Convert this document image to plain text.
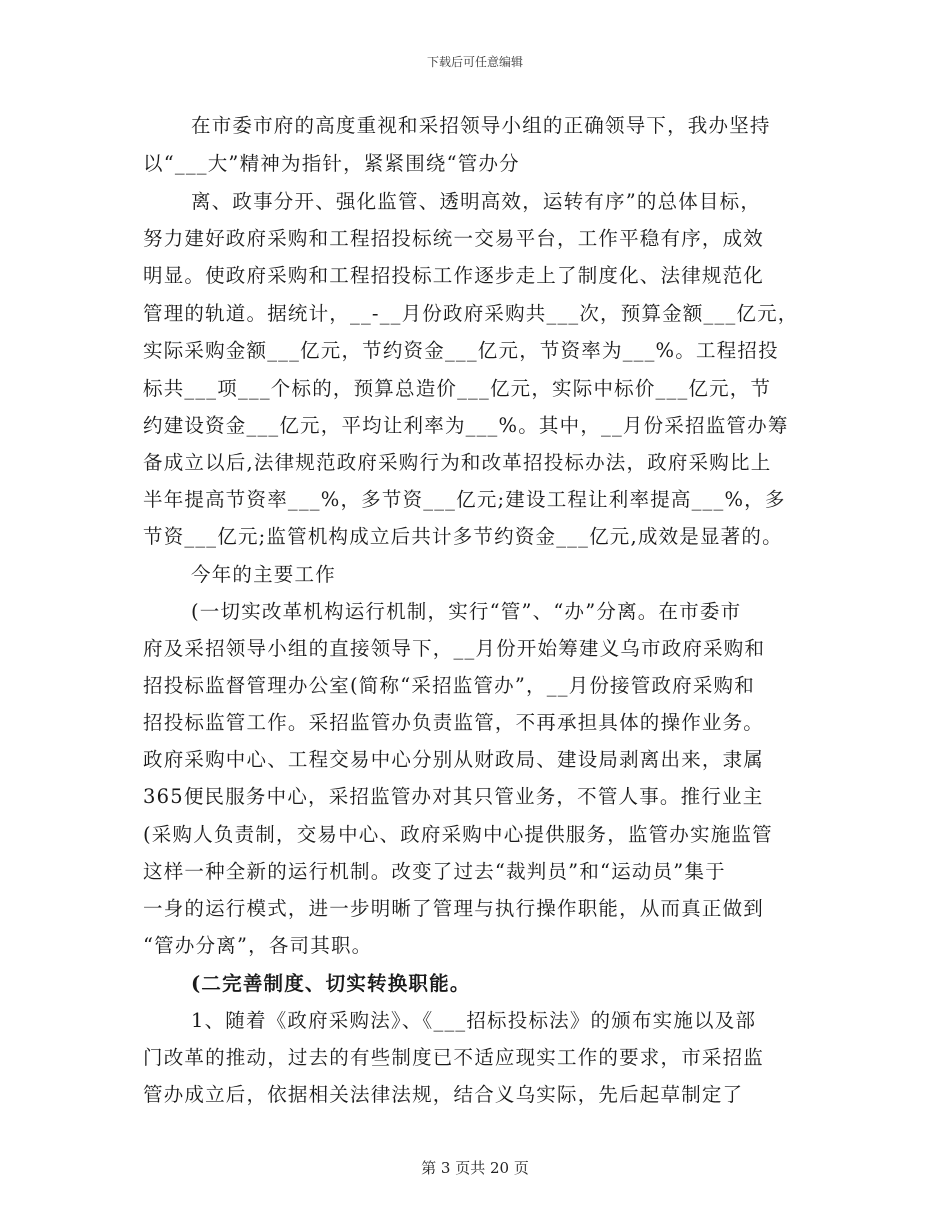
下载后可任意编辑
在市委市府的高度重视和采招领导小组的正确领导下，我办坚持
以“___大”精神为指针，紧紧围绕“管办分
离、政事分开、强化监管、透明高效，运转有序”的总体目标，
努力建好政府采购和工程招投标统一交易平台，工作平稳有序，成效
明显。使政府采购和工程招投标工作逐步走上了制度化、法律规范化
管理的轨道。据统计，__-__月份政府采购共___次，预算金额___亿元，
实际采购金额___亿元，节约资金___亿元，节资率为___%。工程招投
标共___项___个标的，预算总造价___亿元，实际中标价___亿元，节
约建设资金___亿元，平均让利率为___%。其中，__月份采招监管办筹
备成立以后,法律规范政府采购行为和改革招投标办法，政府采购比上
半年提高节资率___%，多节资___亿元;建设工程让利率提高___%，多
节资___亿元;监管机构成立后共计多节约资金___亿元,成效是显著的。
今年的主要工作
(一切实改革机构运行机制，实行“管”、“办”分离。在市委市
府及采招领导小组的直接领导下，__月份开始筹建义乌市政府采购和
招投标监督管理办公室(简称“采招监管办”，__月份接管政府采购和
招投标监管工作。采招监管办负责监管，不再承担具体的操作业务。
政府采购中心、工程交易中心分别从财政局、建设局剥离出来，隶属
365便民服务中心，采招监管办对其只管业务，不管人事。推行业主
(采购人负责制，交易中心、政府采购中心提供服务，监管办实施监管
这样一种全新的运行机制。改变了过去“裁判员”和“运动员”集于
一身的运行模式，进一步明晰了管理与执行操作职能，从而真正做到
“管办分离”，各司其职。
(二完善制度、切实转换职能。
1、随着《政府采购法》、《___招标投标法》的颁布实施以及部
门改革的推动，过去的有些制度已不适应现实工作的要求，市采招监
管办成立后，依据相关法律法规，结合义乌实际，先后起草制定了
第 3 页共 20 页
